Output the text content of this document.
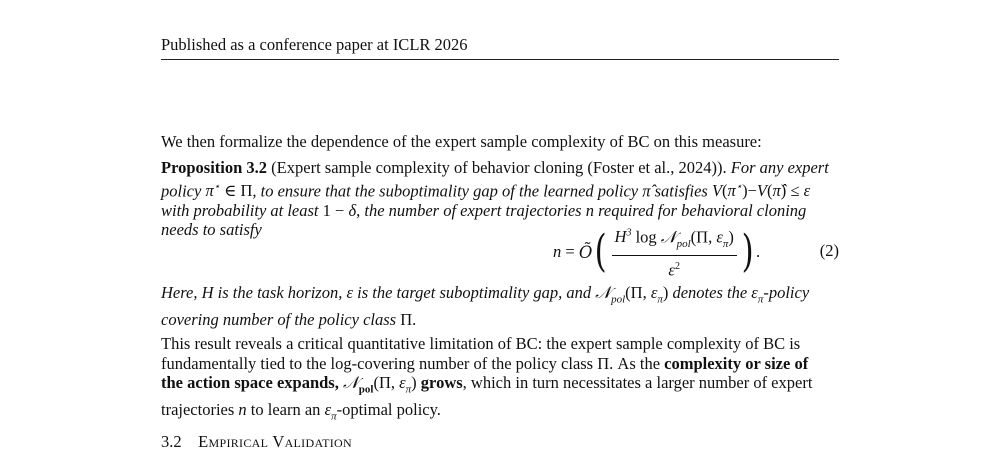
Published as a conference paper at ICLR 2026
We then formalize the dependence of the expert sample complexity of BC on this measure:
Proposition 3.2 (Expert sample complexity of behavior cloning (Foster et al., 2024)). For any expert
policy π⋆ ∈ Π, to ensure that the suboptimality gap of the learned policy π̂ satisfies V(π⋆)−V(π̂) ≤ ε
with probability at least 1 − δ, the number of expert trajectories n required for behavioral cloning
needs to satisfy
n
=
Õ ( $\frac{H^3 \log 𝒩_{pol}(\Pi, \varepsilon_\pi)}{\varepsilon^2}$ ) .	(2)
Here, H is the task horizon, ε is the target suboptimality gap, and 𝒩$_{pol}$(Π, $\varepsilon_\pi$) denotes the $\varepsilon_\pi$-policy
covering number of the policy class Π.
This result reveals a critical quantitative limitation of BC: the expert sample complexity of BC is
fundamentally tied to the log-covering number of the policy class Π. As the complexity or size of
the action space expands, 𝒩$_{pol}$(Π, $\varepsilon_\pi$) grows, which in turn necessitates a larger number of expert
trajectories n to learn an $\varepsilon_\pi$-optimal policy.
3.2 Empirical Validation
